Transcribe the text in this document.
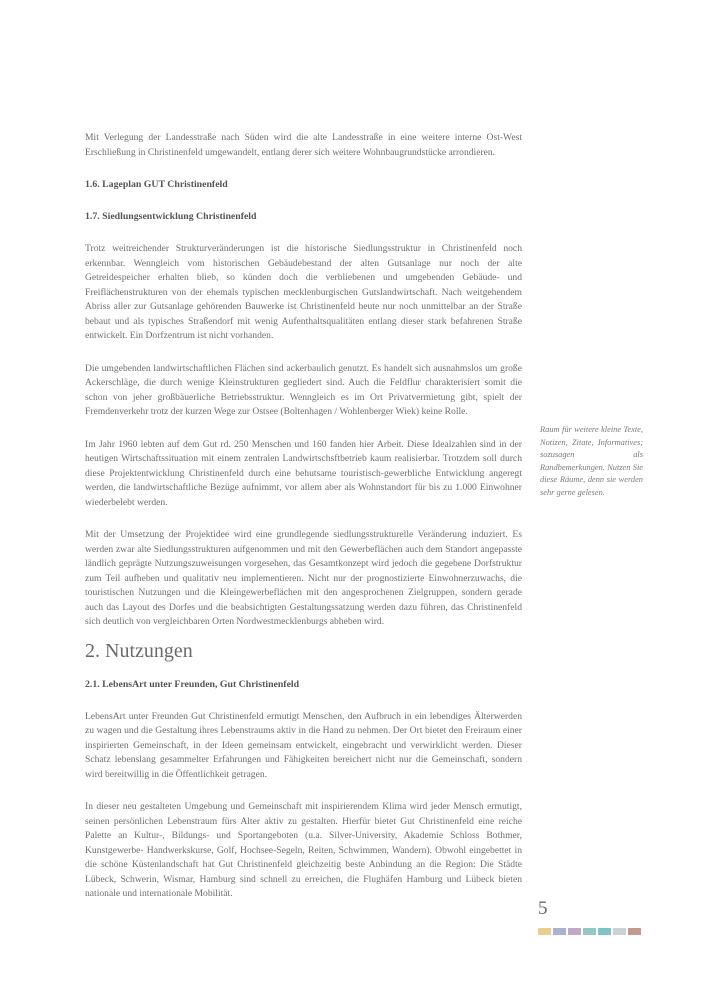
Mit Verlegung der Landesstraße nach Süden wird die alte Landesstraße in eine weitere interne Ost-West Erschließung in Christinenfeld umgewandelt, entlang derer sich weitere Wohnbaugrundstücke arrondieren.

1.6. Lageplan GUT Christinenfeld
1.7. Siedlungsentwicklung Christinenfeld

Trotz weitreichender Strukturveränderungen ist die historische Siedlungsstruktur in Christinenfeld noch erkennbar. Wenngleich vom historischen Gebäudebestand der alten Gutsanlage nur noch der alte Getreidespeicher erhalten blieb, so künden doch die verbliebenen und umgebenden Gebäude- und Freiflächenstrukturen von der ehemals typischen mecklenburgischen Gutslandwirtschaft. Nach weitgehendem Abriss aller zur Gutsanlage gehörenden Bauwerke ist Christinenfeld heute nur noch unmittelbar an der Straße bebaut und als typisches Straßendorf mit wenig Aufenthaltsqualitäten entlang dieser stark befahrenen Straße entwickelt. Ein Dorfzentrum ist nicht vorhanden.

Die umgebenden landwirtschaftlichen Flächen sind ackerbaulich genutzt. Es handelt sich ausnahmslos um große Ackerschläge, die durch wenige Kleinstrukturen gegliedert sind. Auch die Feldflur charakterisiert somit die schon von jeher großbäuerliche Betriebsstruktur. Wenngleich es im Ort Privatvermietung gibt, spielt der Fremdenverkehr trotz der kurzen Wege zur Ostsee (Boltenhagen / Wohlenberger Wiek) keine Rolle.

Im Jahr 1960 lebten auf dem Gut rd. 250 Menschen und 160 fanden hier Arbeit. Diese Idealzahlen sind in der heutigen Wirtschaftssituation mit einem zentralen Landwirtschsftbetrieb kaum realisierbar. Trotzdem soll durch diese Projektentwicklung Christinenfeld durch eine behutsame touristisch-gewerbliche Entwicklung angeregt werden, die landwirtschaftliche Bezüge aufnimmt, vor allem aber als Wohnstandort für bis zu 1.000 Einwohner wiederbelebt werden.

Mit der Umsetzung der Projektidee wird eine grundlegende siedlungsstrukturelle Veränderung induziert. Es werden zwar alte Siedlungsstrukturen aufgenommen und mit den Gewerbeflächen auch dem Standort angepasste ländlich geprägte Nutzungszuweisungen vorgesehen, das Gesamtkonzept wird jedoch die gegebene Dorfstruktur zum Teil aufheben und qualitativ neu implementieren. Nicht nur der prognostizierte Einwohnerzuwachs, die touristischen Nutzungen und die Kleingewerbeflächen mit den angesprochenen Zielgruppen, sondern gerade auch das Layout des Dorfes und die beabsichtigten Gestaltungssatzung werden dazu führen, das Christinenfeld sich deutlich von vergleichbaren Orten Nordwestmecklenburgs abheben wird.

2. Nutzungen
2.1. LebensArt unter Freunden, Gut Christinenfeld

LebensArt unter Freunden Gut Christinenfeld ermutigt Menschen, den Aufbruch in ein lebendiges Älterwerden zu wagen und die Gestaltung ihres Lebenstraums aktiv in die Hand zu nehmen. Der Ort bietet den Freiraum einer inspirierten Gemeinschaft, in der Ideen gemeinsam entwickelt, eingebracht und verwirklicht werden. Dieser Schatz lebenslang gesammelter Erfahrungen und Fähigkeiten bereichert nicht nur die Gemeinschaft, sondern wird bereitwillig in die Öffentlichkeit getragen.

In dieser neu gestalteten Umgebung und Gemeinschaft mit inspirierendem Klima wird jeder Mensch ermutigt, seinen persönlichen Lebenstraum fürs Alter aktiv zu gestalten. Hierfür bietet Gut Christinenfeld eine reiche Palette an Kultur-, Bildungs- und Sportangeboten (u.a. Silver-University, Akademie Schloss Bothmer, Kunstgewerbe- Handwerkskurse, Golf, Hochsee-Segeln, Reiten, Schwimmen, Wandern). Obwohl eingebettet in die schöne Küstenlandschaft hat Gut Christinenfeld gleichzeitig beste Anbindung an die Region: Die Städte Lübeck, Schwerin, Wismar, Hamburg sind schnell zu erreichen, die Flughäfen Hamburg und Lübeck bieten nationale und internationale Mobilität.

Raum für weitere kleine Texte, Notizen, Zitate, Informatives; sozusagen als Randbemerkungen. Nutzen Sie diese Räume, denn sie werden sehr gerne gelesen.
5
